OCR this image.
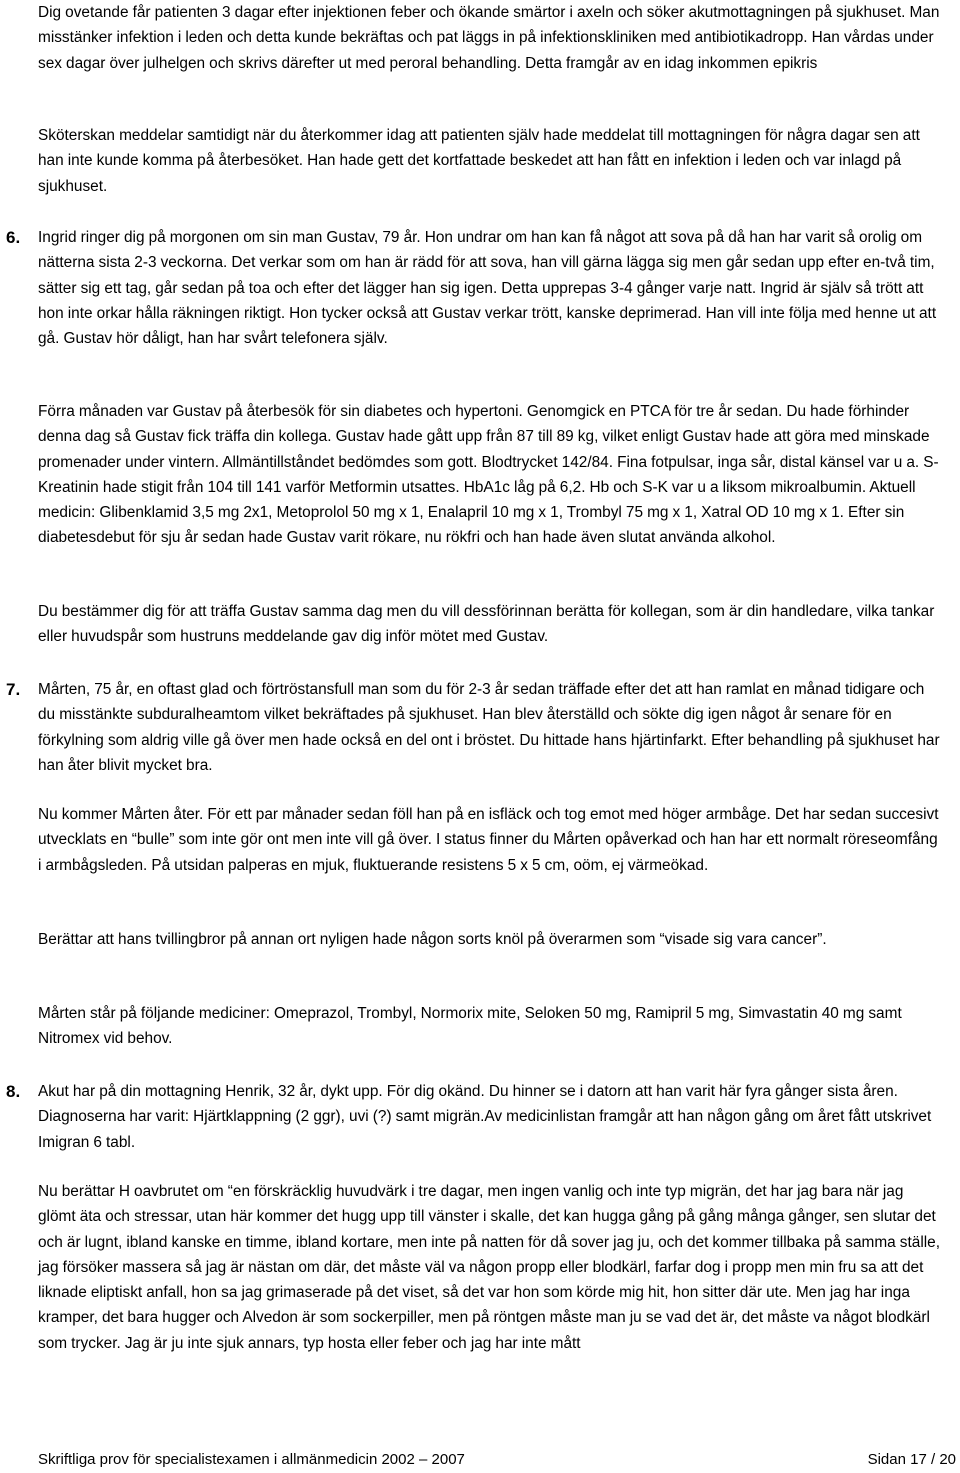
Dig ovetande får patienten 3 dagar efter injektionen feber och ökande smärtor i axeln och söker akutmottagningen på sjukhuset. Man misstänker infektion i leden och detta kunde bekräftas och pat läggs in på infektionskliniken med antibiotikadropp. Han vårdas under sex dagar över julhelgen och skrivs därefter ut med peroral behandling. Detta framgår av en idag inkommen epikris

Sköterskan meddelar samtidigt när du återkommer idag att patienten själv hade meddelat till mottagningen för några dagar sen att han inte kunde komma på återbesöket. Han hade gett det kortfattade beskedet att han fått en infektion i leden och var inlagd på sjukhuset.

6. Ingrid ringer dig på morgonen om sin man Gustav, 79 år. Hon undrar om han kan få något att sova på då han har varit så orolig om nätterna sista 2-3 veckorna. Det verkar som om han är rädd för att sova, han vill gärna lägga sig men går sedan upp efter en-två tim, sätter sig ett tag, går sedan på toa och efter det lägger han sig igen. Detta upprepas 3-4 gånger varje natt. Ingrid är själv så trött att hon inte orkar hålla räkningen riktigt. Hon tycker också att Gustav verkar trött, kanske deprimerad. Han vill inte följa med henne ut att gå. Gustav hör dåligt, han har svårt telefonera själv.

Förra månaden var Gustav på återbesök för sin diabetes och hypertoni. Genomgick en PTCA för tre år sedan. Du hade förhinder denna dag så Gustav fick träffa din kollega. Gustav hade gått upp från 87 till 89 kg, vilket enligt Gustav hade att göra med minskade promenader under vintern. Allmäntillståndet bedömdes som gott. Blodtrycket 142/84. Fina fotpulsar, inga sår, distal känsel var u a. S-Kreatinin hade stigit från 104 till 141 varför Metformin utsattes. HbA1c låg på 6,2. Hb och S-K var u a liksom mikroalbumin. Aktuell medicin: Glibenklamid 3,5 mg 2x1, Metoprolol 50 mg x 1, Enalapril 10 mg x 1, Trombyl 75 mg x 1, Xatral OD 10 mg x 1. Efter sin diabetesdebut för sju år sedan hade Gustav varit rökare, nu rökfri och han hade även slutat använda alkohol.

Du bestämmer dig för att träffa Gustav samma dag men du vill dessförinnan berätta för kollegan, som är din handledare, vilka tankar eller huvudspår som hustruns meddelande gav dig inför mötet med Gustav.

7. Mårten, 75 år, en oftast glad och förtröstansfull man som du för 2-3 år sedan träffade efter det att han ramlat en månad tidigare och du misstänkte subduralheamtom vilket bekräftades på sjukhuset. Han blev återställd och sökte dig igen något år senare för en förkylning som aldrig ville gå över men hade också en del ont i bröstet. Du hittade hans hjärtinfarkt. Efter behandling på sjukhuset har han åter blivit mycket bra.

Nu kommer Mårten åter. För ett par månader sedan föll han på en isfläck och tog emot med höger armbåge. Det har sedan succesivt utvecklats en “bulle” som inte gör ont men inte vill gå över. I status finner du Mårten opåverkad och han har ett normalt röreseomfång i armbågsleden. På utsidan palperas en mjuk, fluktuerande resistens 5 x 5 cm, oöm, ej värmeökad.

Berättar att hans tvillingbror på annan ort nyligen hade någon sorts knöl på överarmen som “visade sig vara cancer”.

Mårten står på följande mediciner: Omeprazol, Trombyl, Normorix mite, Seloken 50 mg, Ramipril 5 mg, Simvastatin 40 mg samt Nitromex vid behov.

8. Akut har på din mottagning Henrik, 32 år, dykt upp. För dig okänd. Du hinner se i datorn att han varit här fyra gånger sista åren. Diagnoserna har varit: Hjärtklappning (2 ggr), uvi (?) samt migrän.Av medicinlistan framgår att han någon gång om året fått utskrivet Imigran 6 tabl.

Nu berättar H oavbrutet om “en förskräcklig huvudvärk i tre dagar, men ingen vanlig och inte typ migrän, det har jag bara när jag glömt äta och stressar, utan här kommer det hugg upp till vänster i skalle, det kan hugga gång på gång många gånger, sen slutar det och är lugnt, ibland kanske en timme, ibland kortare, men inte på natten för då sover jag ju, och det kommer tillbaka på samma ställe, jag försöker massera så jag är nästan om där, det måste väl va någon propp eller blodkärl, farfar dog i propp men min fru sa att det liknade eliptiskt anfall, hon sa jag grimaserade på det viset, så det var hon som körde mig hit, hon sitter där ute. Men jag har inga kramper, det bara hugger och Alvedon är som sockerpiller, men på röntgen måste man ju se vad det är, det måste va något blodkärl som trycker. Jag är ju inte sjuk annars, typ hosta eller feber och jag har inte mått

Skriftliga prov för specialistexamen i allmänmedicin 2002 – 2007	Sidan 17 / 20
